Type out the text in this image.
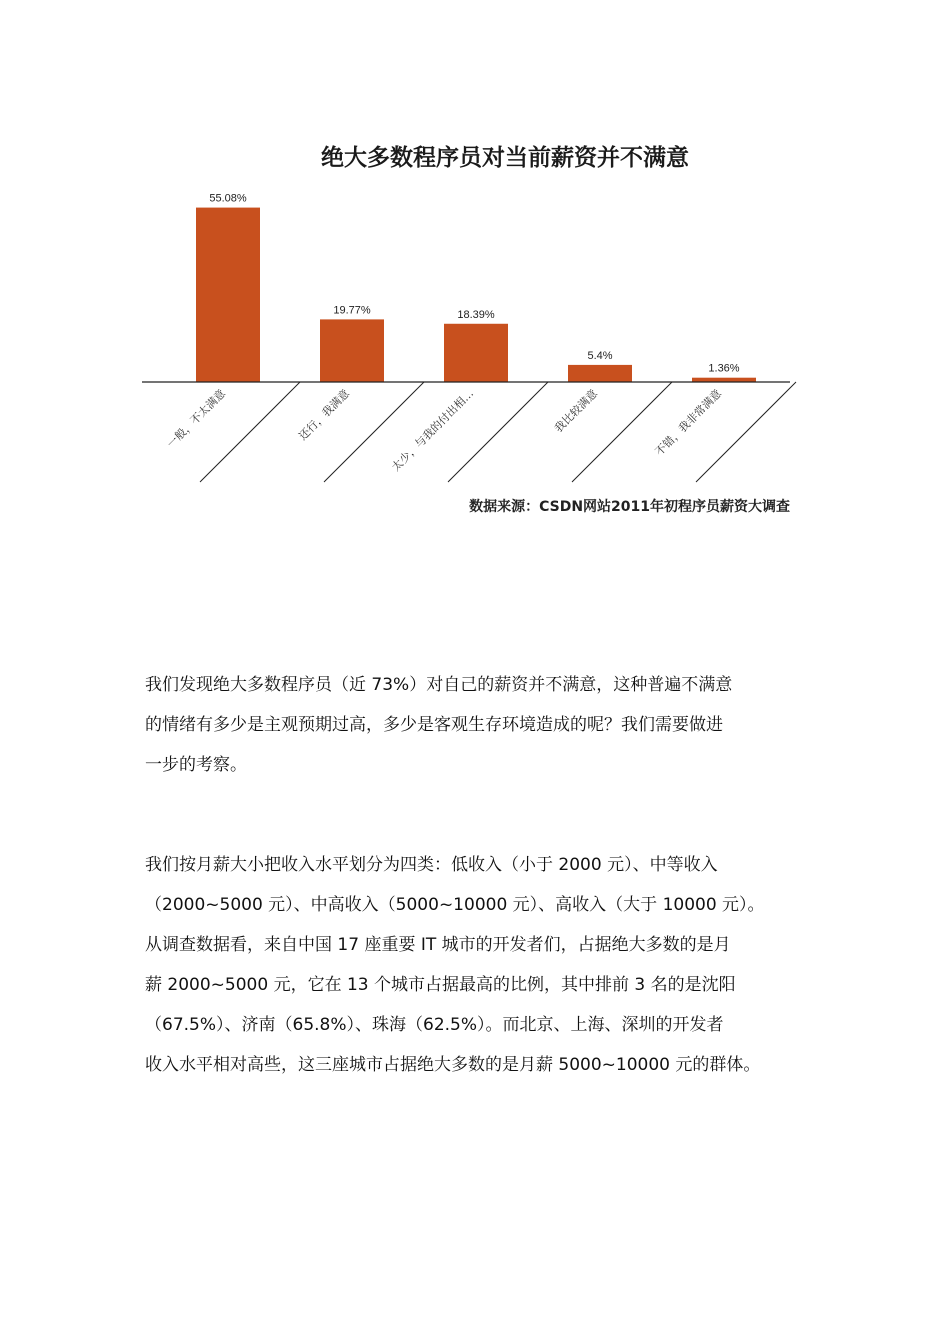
绝大多数程序员对当前薪资并不满意
55.08%
一般，不太满意
19.77%
还行，我满意
18.39%
太少，与我的付出相…
5.4%
我比较满意
1.36%
不错，我非常满意
数据来源：CSDN网站2011年初程序员薪资大调查

我们发现绝大多数程序员（近 73%）对自己的薪资并不满意，这种普遍不满意
的情绪有多少是主观预期过高，多少是客观生存环境造成的呢？我们需要做进
一步的考察。

我们按月薪大小把收入水平划分为四类：低收入（小于 2000 元）、中等收入
（2000~5000 元）、中高收入（5000~10000 元）、高收入（大于 10000 元）。
从调查数据看，来自中国 17 座重要 IT 城市的开发者们，占据绝大多数的是月
薪 2000~5000 元，它在 13 个城市占据最高的比例，其中排前 3 名的是沈阳
（67.5%）、济南（65.8%）、珠海（62.5%）。而北京、上海、深圳的开发者
收入水平相对高些，这三座城市占据绝大多数的是月薪 5000~10000 元的群体。
